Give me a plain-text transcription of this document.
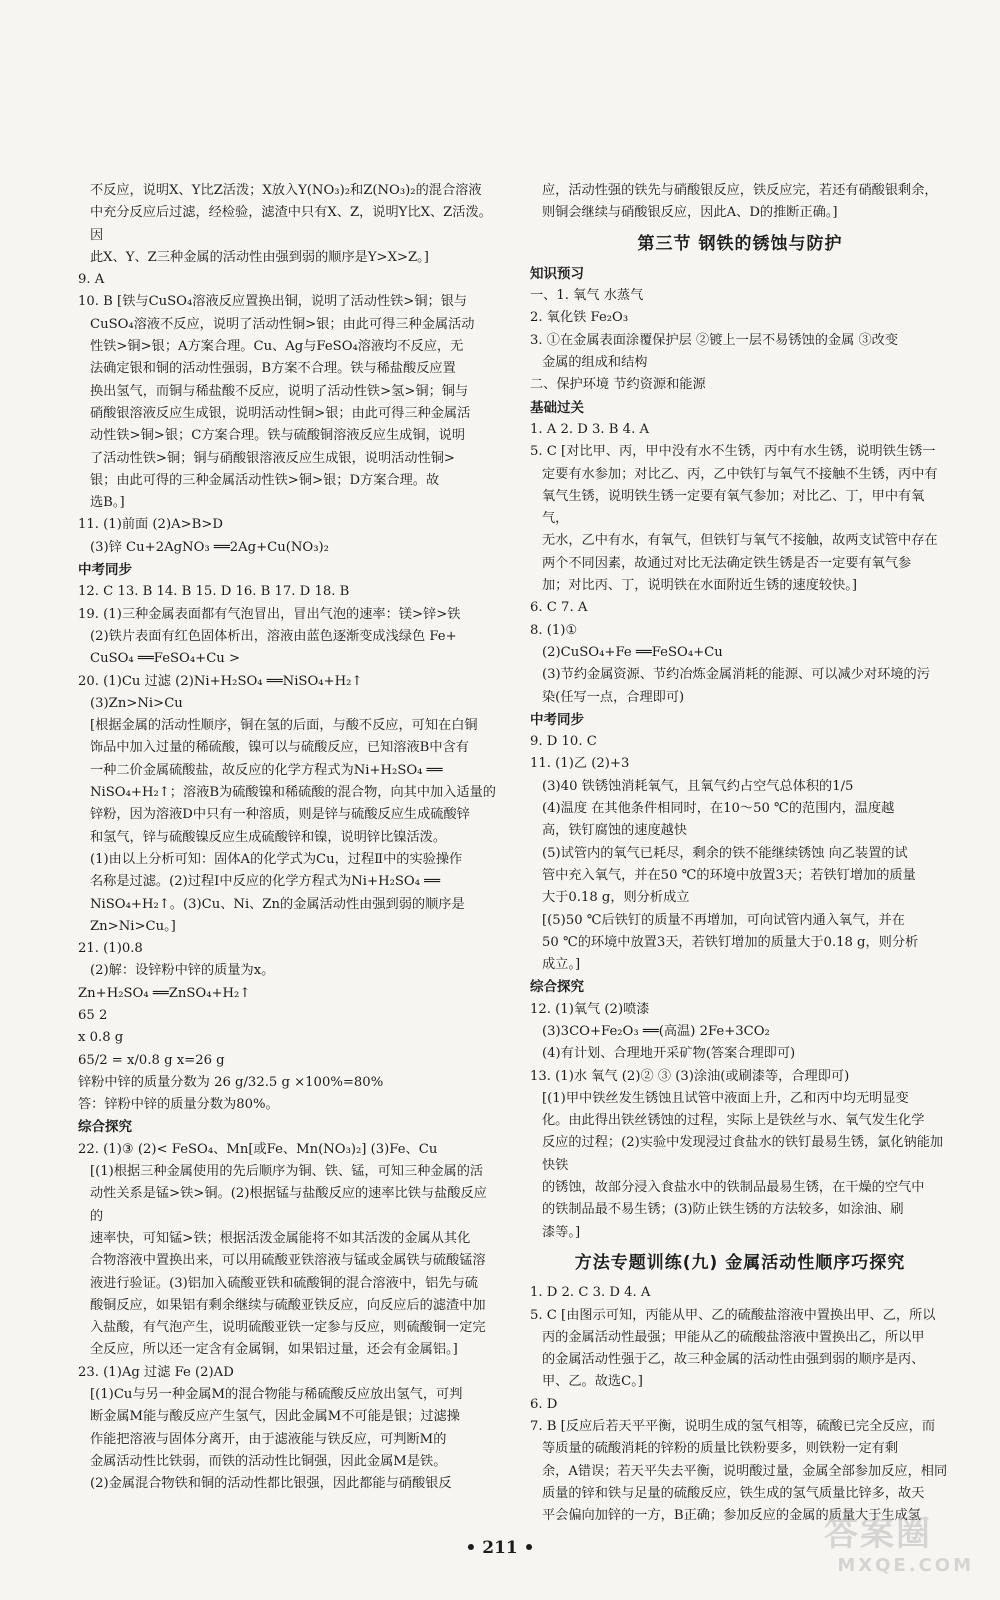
不反应，说明X、Y比Z活泼；X放入Y(NO₃)₂和Z(NO₃)₂的混合溶液
中充分反应后过滤，经检验，滤渣中只有X、Z，说明Y比X、Z活泼。因
此X、Y、Z三种金属的活动性由强到弱的顺序是Y>X>Z。]
9. A
10. B [铁与CuSO₄溶液反应置换出铜，说明了活动性铁>铜；银与
CuSO₄溶液不反应，说明了活动性铜>银；由此可得三种金属活动
性铁>铜>银；A方案合理。Cu、Ag与FeSO₄溶液均不反应，无
法确定银和铜的活动性强弱，B方案不合理。铁与稀盐酸反应置
换出氢气，而铜与稀盐酸不反应，说明了活动性铁>氢>铜；铜与
硝酸银溶液反应生成银，说明活动性铜>银；由此可得三种金属活
动性铁>铜>银；C方案合理。铁与硫酸铜溶液反应生成铜，说明
了活动性铁>铜；铜与硝酸银溶液反应生成银，说明活动性铜>
银；由此可得的三种金属活动性铁>铜>银；D方案合理。故
选B。]
11. (1)前面 (2)A>B>D
(3)锌 Cu+2AgNO₃ ══2Ag+Cu(NO₃)₂
中考同步
12. C 13. B 14. B 15. D 16. B 17. D 18. B
19. (1)三种金属表面都有气泡冒出，冒出气泡的速率：镁>锌>铁
(2)铁片表面有红色固体析出，溶液由蓝色逐渐变成浅绿色 Fe+
CuSO₄ ══FeSO₄+Cu >
20. (1)Cu 过滤 (2)Ni+H₂SO₄ ══NiSO₄+H₂↑
(3)Zn>Ni>Cu
[根据金属的活动性顺序，铜在氢的后面，与酸不反应，可知在白铜
饰品中加入过量的稀硫酸，镍可以与硫酸反应，已知溶液B中含有
一种二价金属硫酸盐，故反应的化学方程式为Ni+H₂SO₄ ══
NiSO₄+H₂↑；溶液B为硫酸镍和稀硫酸的混合物，向其中加入适量的
锌粉，因为溶液D中只有一种溶质，则是锌与硫酸反应生成硫酸锌
和氢气，锌与硫酸镍反应生成硫酸锌和镍，说明锌比镍活泼。
(1)由以上分析可知：固体A的化学式为Cu，过程Ⅱ中的实验操作
名称是过滤。(2)过程Ⅰ中反应的化学方程式为Ni+H₂SO₄ ══
NiSO₄+H₂↑。(3)Cu、Ni、Zn的金属活动性由强到弱的顺序是
Zn>Ni>Cu。]
21. (1)0.8
(2)解：设锌粉中锌的质量为x。
Zn+H₂SO₄ ══ZnSO₄+H₂↑
65 2
x 0.8 g
65/2 = x/0.8 g x=26 g
锌粉中锌的质量分数为 26 g/32.5 g ×100%=80%
答：锌粉中锌的质量分数为80%。
综合探究
22. (1)③ (2)< FeSO₄、Mn[或Fe、Mn(NO₃)₂] (3)Fe、Cu
[(1)根据三种金属使用的先后顺序为铜、铁、锰，可知三种金属的活
动性关系是锰>铁>铜。(2)根据锰与盐酸反应的速率比铁与盐酸反应的
速率快，可知锰>铁；根据活泼金属能将不如其活泼的金属从其化
合物溶液中置换出来，可以用硫酸亚铁溶液与锰或金属铁与硫酸锰溶
液进行验证。(3)铝加入硫酸亚铁和硫酸铜的混合溶液中，铝先与硫
酸铜反应，如果铝有剩余继续与硫酸亚铁反应，向反应后的滤渣中加
入盐酸，有气泡产生，说明硫酸亚铁一定参与反应，则硫酸铜一定完
全反应，所以还一定含有金属铜，如果铝过量，还会有金属铝。]
23. (1)Ag 过滤 Fe (2)AD
[(1)Cu与另一种金属M的混合物能与稀硫酸反应放出氢气，可判
断金属M能与酸反应产生氢气，因此金属M不可能是银；过滤操
作能把溶液与固体分离开，由于滤液能与铁反应，可判断M的
金属活动性比铁弱，而铁的活动性比铜强，因此金属M是铁。
(2)金属混合物铁和铜的活动性都比银强，因此都能与硝酸银反
应，活动性强的铁先与硝酸银反应，铁反应完，若还有硝酸银剩余，
则铜会继续与硝酸银反应，因此A、D的推断正确。]
第三节 钢铁的锈蚀与防护
知识预习
一、1. 氧气 水蒸气
2. 氧化铁 Fe₂O₃
3. ①在金属表面涂覆保护层 ②镀上一层不易锈蚀的金属 ③改变
金属的组成和结构
二、保护环境 节约资源和能源
基础过关
1. A 2. D 3. B 4. A
5. C [对比甲、丙，甲中没有水不生锈，丙中有水生锈，说明铁生锈一
定要有水参加；对比乙、丙，乙中铁钉与氧气不接触不生锈，丙中有
氧气生锈，说明铁生锈一定要有氧气参加；对比乙、丁，甲中有氧气，
无水，乙中有水，有氧气，但铁钉与氧气不接触，故两支试管中存在
两个不同因素，故通过对比无法确定铁生锈是否一定要有氧气参
加；对比丙、丁，说明铁在水面附近生锈的速度较快。]
6. C 7. A
8. (1)①
(2)CuSO₄+Fe ══FeSO₄+Cu
(3)节约金属资源、节约冶炼金属消耗的能源、可以减少对环境的污
染(任写一点，合理即可)
中考同步
9. D 10. C
11. (1)乙 (2)+3
(3)40 铁锈蚀消耗氧气，且氧气约占空气总体积的1/5
(4)温度 在其他条件相同时，在10～50 ℃的范围内，温度越
高，铁钉腐蚀的速度越快
(5)试管内的氧气已耗尽，剩余的铁不能继续锈蚀 向乙装置的试
管中充入氧气，并在50 ℃的环境中放置3天；若铁钉增加的质量
大于0.18 g，则分析成立
[(5)50 ℃后铁钉的质量不再增加，可向试管内通入氧气，并在
50 ℃的环境中放置3天，若铁钉增加的质量大于0.18 g，则分析
成立。]
综合探究
12. (1)氧气 (2)喷漆
(3)3CO+Fe₂O₃ ══(高温) 2Fe+3CO₂
(4)有计划、合理地开采矿物(答案合理即可)
13. (1)水 氧气 (2)② ③ (3)涂油(或刷漆等，合理即可)
[(1)甲中铁丝发生锈蚀且试管中液面上升，乙和丙中均无明显变
化。由此得出铁丝锈蚀的过程，实际上是铁丝与水、氧气发生化学
反应的过程；(2)实验中发现浸过食盐水的铁钉最易生锈，氯化钠能加快铁
的锈蚀，故部分浸入食盐水中的铁制品最易生锈，在干燥的空气中
的铁制品最不易生锈；(3)防止铁生锈的方法较多，如涂油、刷
漆等。]
方法专题训练(九) 金属活动性顺序巧探究
1. D 2. C 3. D 4. A
5. C [由图示可知，丙能从甲、乙的硫酸盐溶液中置换出甲、乙，所以
丙的金属活动性最强；甲能从乙的硫酸盐溶液中置换出乙，所以甲
的金属活动性强于乙，故三种金属的活动性由强到弱的顺序是丙、
甲、乙。故选C。]
6. D
7. B [反应后若天平平衡，说明生成的氢气相等，硫酸已完全反应，而
等质量的硫酸消耗的锌粉的质量比铁粉要多，则铁粉一定有剩
余，A错误；若天平失去平衡，说明酸过量，金属全部参加反应，相同
质量的锌和铁与足量的硫酸反应，铁生成的氢气质量比锌多，故天
平会偏向加锌的一方，B正确；参加反应的金属的质量大于生成氢
• 211 •	答案圈
MXQE.COM
